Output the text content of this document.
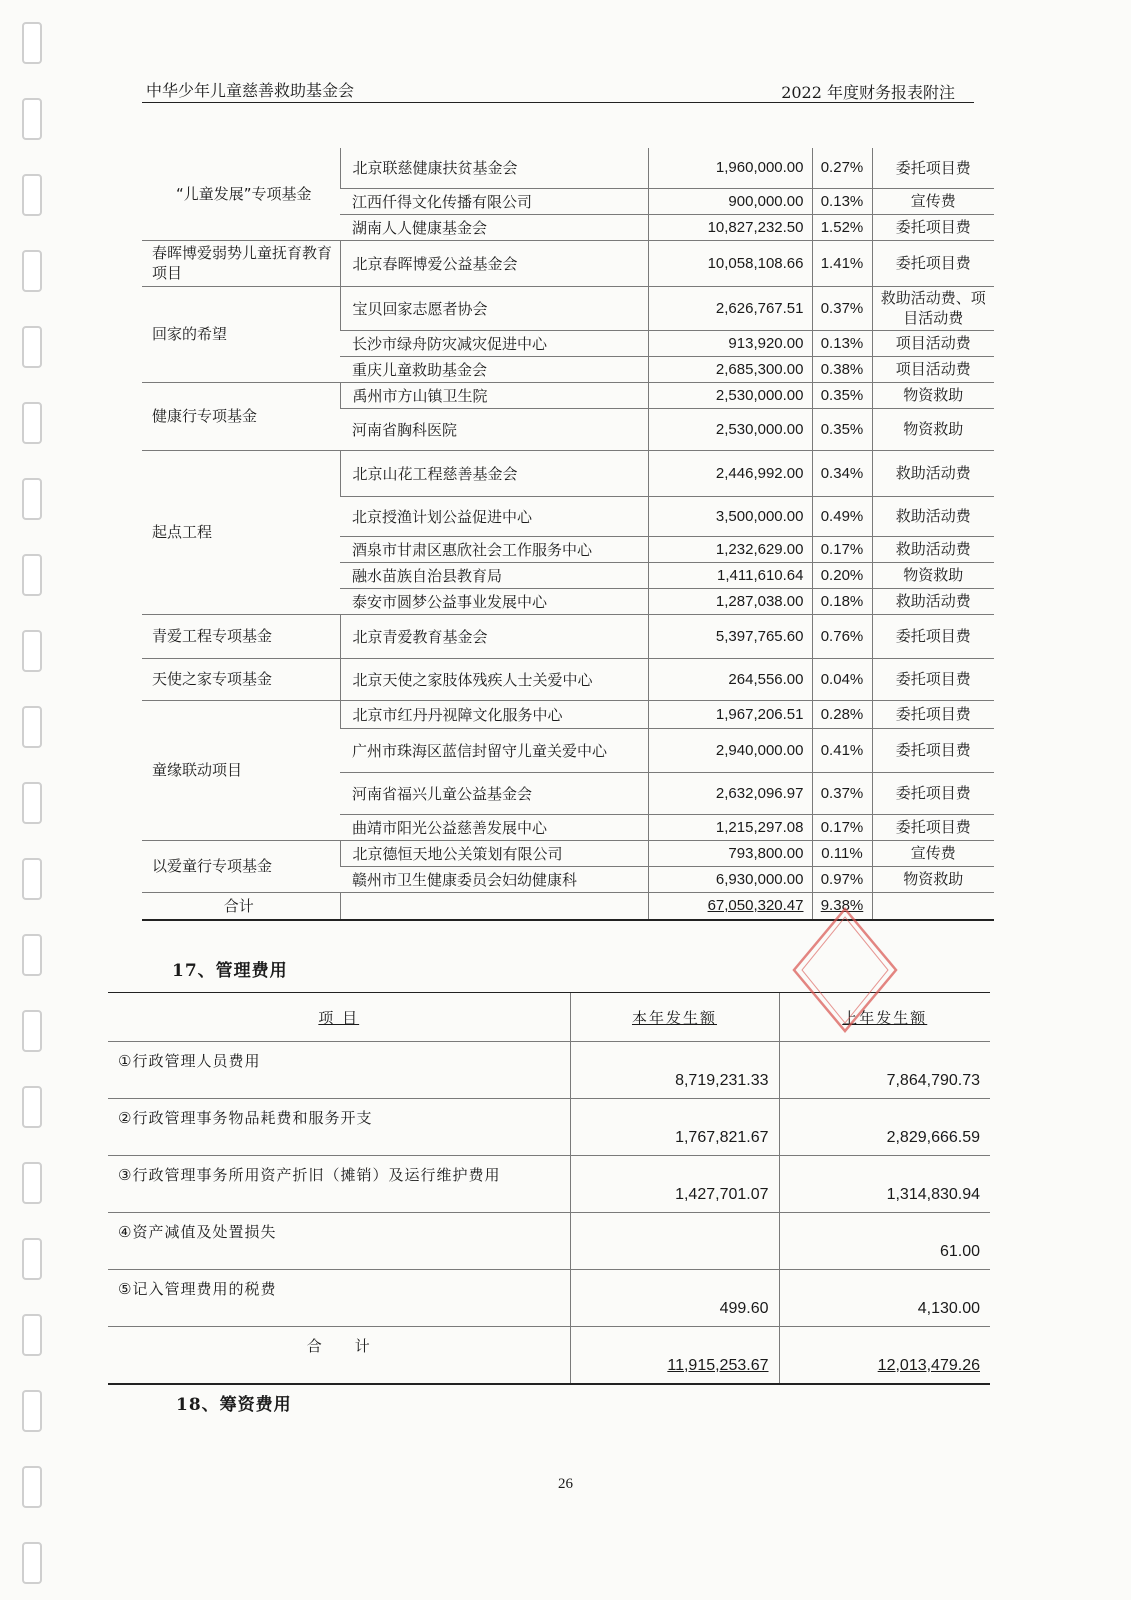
中华少年儿童慈善救助基金会	2022 年度财务报表附注
“儿童发展”专项基金	北京联慈健康扶贫基金会	1,960,000.00	0.27%	委托项目费
	江西仟得文化传播有限公司	900,000.00	0.13%	宣传费
	湖南人人健康基金会	10,827,232.50	1.52%	委托项目费
春晖博爱弱势儿童抚育教育项目	北京春晖博爱公益基金会	10,058,108.66	1.41%	委托项目费
回家的希望	宝贝回家志愿者协会	2,626,767.51	0.37%	救助活动费、项目活动费
	长沙市绿舟防灾减灾促进中心	913,920.00	0.13%	项目活动费
	重庆儿童救助基金会	2,685,300.00	0.38%	项目活动费
健康行专项基金	禹州市方山镇卫生院	2,530,000.00	0.35%	物资救助
	河南省胸科医院	2,530,000.00	0.35%	物资救助
起点工程	北京山花工程慈善基金会	2,446,992.00	0.34%	救助活动费
	北京授渔计划公益促进中心	3,500,000.00	0.49%	救助活动费
	酒泉市甘肃区惠欣社会工作服务中心	1,232,629.00	0.17%	救助活动费
	融水苗族自治县教育局	1,411,610.64	0.20%	物资救助
	泰安市圆梦公益事业发展中心	1,287,038.00	0.18%	救助活动费
青爱工程专项基金	北京青爱教育基金会	5,397,765.60	0.76%	委托项目费
天使之家专项基金	北京天使之家肢体残疾人士关爱中心	264,556.00	0.04%	委托项目费
童缘联动项目	北京市红丹丹视障文化服务中心	1,967,206.51	0.28%	委托项目费
	广州市珠海区蓝信封留守儿童关爱中心	2,940,000.00	0.41%	委托项目费
	河南省福兴儿童公益基金会	2,632,096.97	0.37%	委托项目费
	曲靖市阳光公益慈善发展中心	1,215,297.08	0.17%	委托项目费
以爱童行专项基金	北京德恒天地公关策划有限公司	793,800.00	0.11%	宣传费
	赣州市卫生健康委员会妇幼健康科	6,930,000.00	0.97%	物资救助
合计		67,050,320.47	9.38%	
17、管理费用
项 目	本年发生额	上年发生额
①行政管理人员费用	8,719,231.33	7,864,790.73
②行政管理事务物品耗费和服务开支	1,767,821.67	2,829,666.59
③行政管理事务所用资产折旧（摊销）及运行维护费用	1,427,701.07	1,314,830.94
④资产减值及处置损失		61.00
⑤记入管理费用的税费	499.60	4,130.00
合　　计	11,915,253.67	12,013,479.26
18、筹资费用
26
